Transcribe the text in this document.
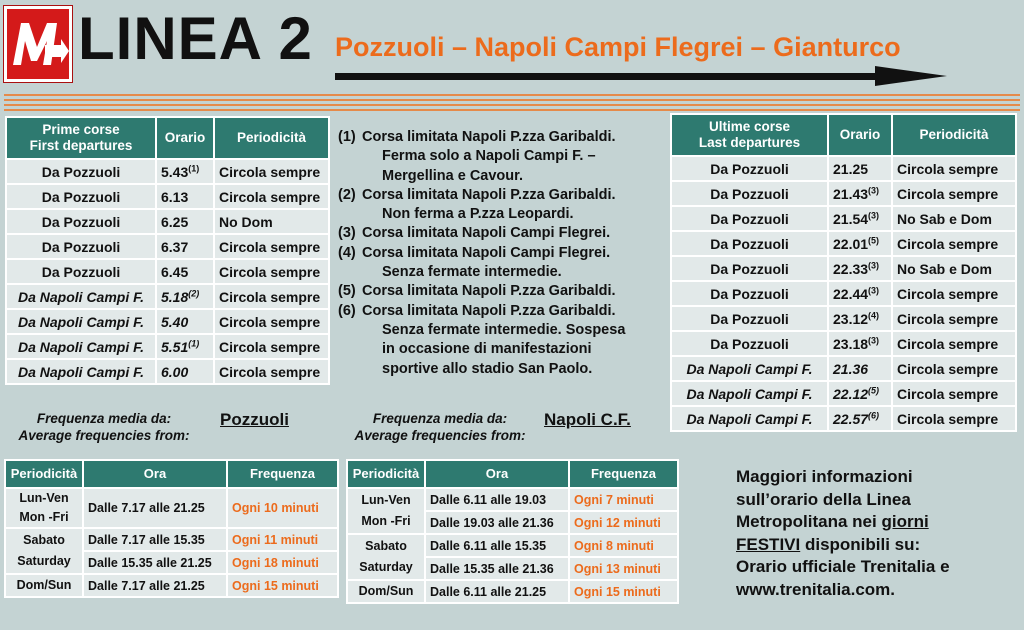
LINEA 2 Pozzuoli – Napoli Campi Flegrei – Gianturco
Prime corse
First departures	Orario	Periodicità
Da Pozzuoli	5.43$^{(1)}$	Circola sempre
Da Pozzuoli	6.13	Circola sempre
Da Pozzuoli	6.25	No Dom
Da Pozzuoli	6.37	Circola sempre
Da Pozzuoli	6.45	Circola sempre
Da Napoli Campi F.	5.18$^{(2)}$	Circola sempre
Da Napoli Campi F.	5.40	Circola sempre
Da Napoli Campi F.	5.51$^{(1)}$	Circola sempre
Da Napoli Campi F.	6.00	Circola sempre
(1) Corsa limitata Napoli P.zza Garibaldi.
Ferma solo a Napoli Campi F. –
Mergellina e Cavour.
(2) Corsa limitata Napoli P.zza Garibaldi.
Non ferma a P.zza Leopardi.
(3) Corsa limitata Napoli Campi Flegrei.
(4) Corsa limitata Napoli Campi Flegrei.
Senza fermate intermedie.
(5) Corsa limitata Napoli P.zza Garibaldi.
(6) Corsa limitata Napoli P.zza Garibaldi.
Senza fermate intermedie. Sospesa
in occasione di manifestazioni
sportive allo stadio San Paolo.
Ultime corse
Last departures	Orario	Periodicità
Da Pozzuoli	21.25	Circola sempre
Da Pozzuoli	21.43$^{(3)}$	Circola sempre
Da Pozzuoli	21.54$^{(3)}$	No Sab e Dom
Da Pozzuoli	22.01$^{(5)}$	Circola sempre
Da Pozzuoli	22.33$^{(3)}$	No Sab e Dom
Da Pozzuoli	22.44$^{(3)}$	Circola sempre
Da Pozzuoli	23.12$^{(4)}$	Circola sempre
Da Pozzuoli	23.18$^{(3)}$	Circola sempre
Da Napoli Campi F.	21.36	Circola sempre
Da Napoli Campi F.	22.12$^{(5)}$	Circola sempre
Da Napoli Campi F.	22.57$^{(6)}$	Circola sempre
Frequenza media da:
Average frequencies from:
Pozzuoli	Frequenza media da:
Average frequencies from:
Napoli C.F.
Periodicità	Ora	Frequenza

Lun-Ven
Mon -Fri	Dalle 7.17 alle 21.25	Ogni 10 minuti

Sabato
Saturday	Dalle 7.17 alle 15.35	Ogni 11 minuti
	Dalle 15.35 alle 21.25	Ogni 18 minuti

Dom/Sun	Dalle 7.17 alle 21.25	Ogni 15 minuti
Periodicità	Ora	Frequenza

Lun-Ven
Mon -Fri	Dalle 6.11 alle 19.03	Ogni 7 minuti
	Dalle 19.03 alle 21.36	Ogni 12 minuti

Sabato
Saturday	Dalle 6.11 alle 15.35	Ogni 8 minuti
	Dalle 15.35 alle 21.36	Ogni 13 minuti

Dom/Sun	Dalle 6.11 alle 21.25	Ogni 15 minuti
Maggiori informazioni
sull’orario della Linea
Metropolitana nei giorni
FESTIVI disponibili su:
Orario ufficiale Trenitalia e
www.trenitalia.com.
